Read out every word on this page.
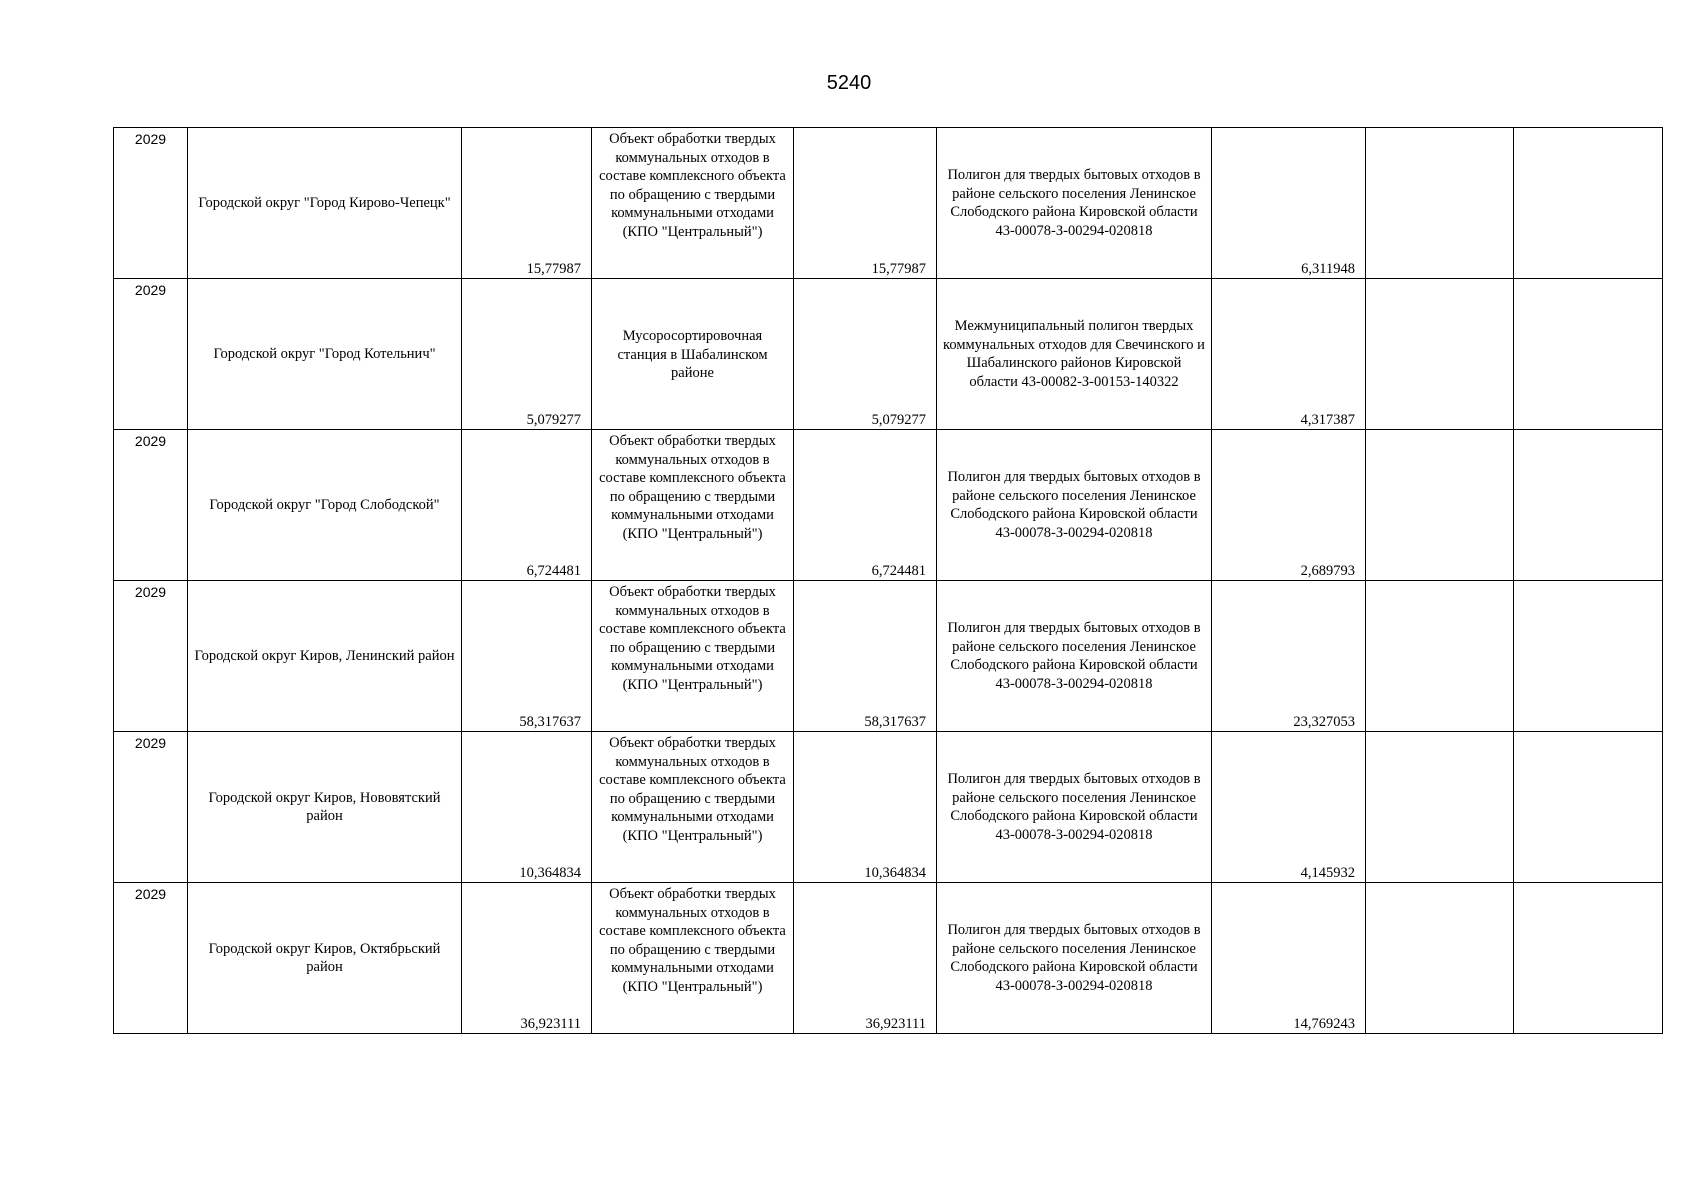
5240
2029	Городской округ "Город Кирово-Чепецк"	15,77987	Объект обработки твердых коммунальных отходов в составе комплексного объекта по обращению с твердыми коммунальными отходами (КПО "Центральный")	15,77987	Полигон для твердых бытовых отходов в районе сельского поселения Ленинское Слободского района Кировской области 43-00078-З-00294-020818	6,311948		

2029	Городской округ "Город Котельнич"	5,079277	Мусоросортировочная станция в Шабалинском районе	5,079277	Межмуниципальный полигон твердых коммунальных отходов для Свечинского и Шабалинского районов Кировской области 43-00082-З-00153-140322	4,317387		

2029	Городской округ "Город Слободской"	6,724481	Объект обработки твердых коммунальных отходов в составе комплексного объекта по обращению с твердыми коммунальными отходами (КПО "Центральный")	6,724481	Полигон для твердых бытовых отходов в районе сельского поселения Ленинское Слободского района Кировской области 43-00078-З-00294-020818	2,689793		

2029	Городской округ Киров, Ленинский район	58,317637	Объект обработки твердых коммунальных отходов в составе комплексного объекта по обращению с твердыми коммунальными отходами (КПО "Центральный")	58,317637	Полигон для твердых бытовых отходов в районе сельского поселения Ленинское Слободского района Кировской области 43-00078-З-00294-020818	23,327053		

2029	Городской округ Киров, Нововятский район	10,364834	Объект обработки твердых коммунальных отходов в составе комплексного объекта по обращению с твердыми коммунальными отходами (КПО "Центральный")	10,364834	Полигон для твердых бытовых отходов в районе сельского поселения Ленинское Слободского района Кировской области 43-00078-З-00294-020818	4,145932		

2029	Городской округ Киров, Октябрьский район	36,923111	Объект обработки твердых коммунальных отходов в составе комплексного объекта по обращению с твердыми коммунальными отходами (КПО "Центральный")	36,923111	Полигон для твердых бытовых отходов в районе сельского поселения Ленинское Слободского района Кировской области 43-00078-З-00294-020818	14,769243		
